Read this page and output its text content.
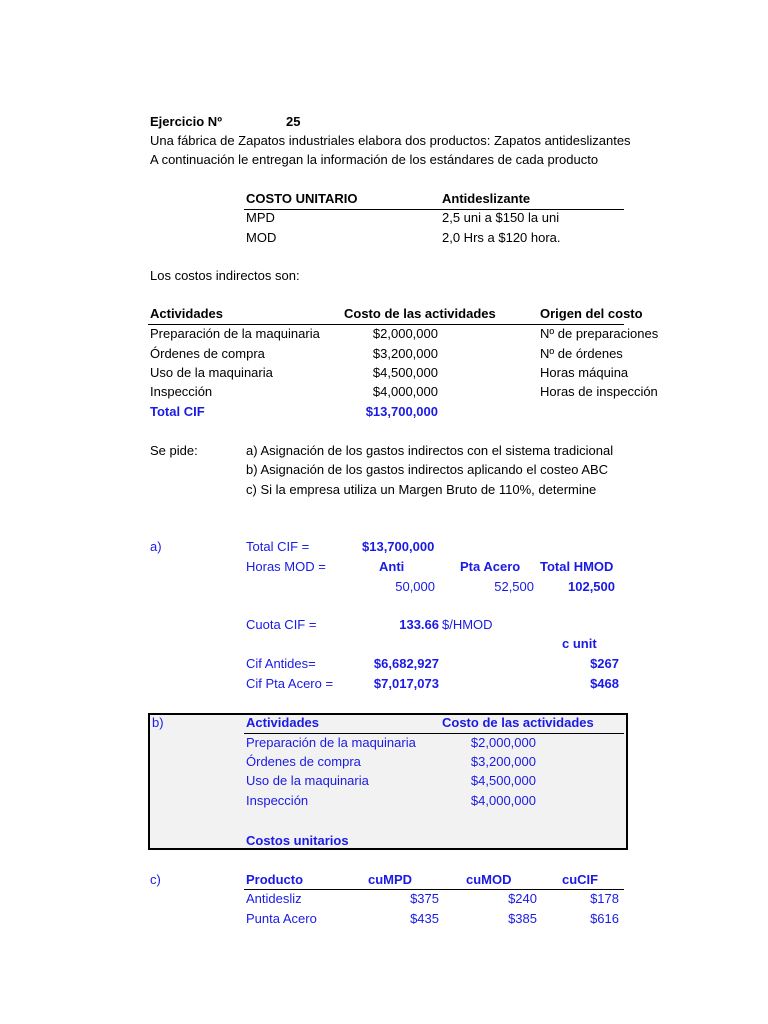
Ejercicio Nº	25
Una fábrica de Zapatos industriales elabora dos productos: Zapatos antideslizantes
A continuación le entregan la información de los estándares de cada producto
COSTO UNITARIO	Antideslizante
MPD	2,5 uni a $150 la uni
MOD	2,0 Hrs a $120 hora.
Los costos indirectos son:
Actividades	Costo de las actividades	Origen del costo
Preparación de la maquinaria	$2,000,000	Nº de preparaciones
Órdenes de compra	$3,200,000	Nº de órdenes
Uso de la maquinaria	$4,500,000	Horas máquina
Inspección	$4,000,000	Horas de inspección
Total CIF	$13,700,000
Se pide:	a) Asignación de los gastos indirectos con el sistema tradicional
b) Asignación de los gastos indirectos aplicando el costeo ABC
c) Si la empresa utiliza un Margen Bruto de 110%, determine
a)	Total CIF =	$13,700,000
Horas MOD =	Anti	Pta Acero Total HMOD
50,000	52,500	102,500
Cuota CIF =	133.66 $/HMOD
c unit
Cif Antides=	$6,682,927	$267
Cif Pta Acero =	$7,017,073	$468
b)	Actividades	Costo de las actividades
Preparación de la maquinaria	$2,000,000
Órdenes de compra	$3,200,000
Uso de la maquinaria	$4,500,000
Inspección	$4,000,000
Costos unitarios
c)	Producto	cuMPD	cuMOD	cuCIF
Antidesliz	$375	$240	$178
Punta Acero	$435	$385	$616
